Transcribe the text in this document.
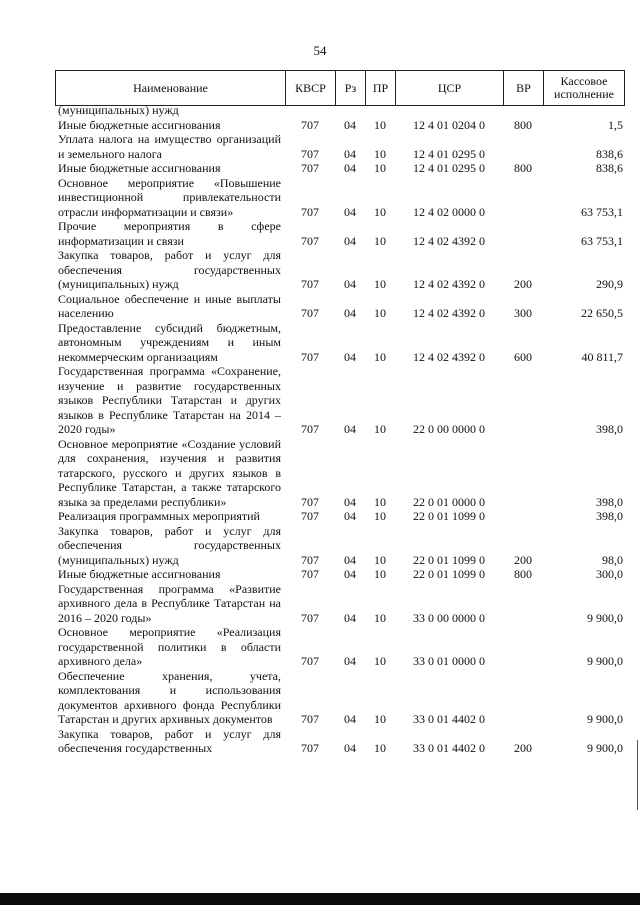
54
Наименование	КВСР	Рз	ПР	ЦСР	ВР	Кассовое исполнение
(муниципальных) нужд						
Иные бюджетные ассигнования	707	04	10	12 4 01 0204 0	800	1,5
Уплата налога на имущество организаций и земельного налога	707	04	10	12 4 01 0295 0		838,6
Иные бюджетные ассигнования	707	04	10	12 4 01 0295 0	800	838,6
Основное мероприятие «Повышение инвестиционной привлекательности отрасли информатизации и связи»	707	04	10	12 4 02 0000 0		63 753,1
Прочие мероприятия в сфере информатизации и связи	707	04	10	12 4 02 4392 0		63 753,1
Закупка товаров, работ и услуг для обеспечения государственных (муниципальных) нужд	707	04	10	12 4 02 4392 0	200	290,9
Социальное обеспечение и иные выплаты населению	707	04	10	12 4 02 4392 0	300	22 650,5
Предоставление субсидий бюджетным, автономным учреждениям и иным некоммерческим организациям	707	04	10	12 4 02 4392 0	600	40 811,7
Государственная программа «Сохранение, изучение и развитие государственных языков Республики Татарстан и других языков в Республике Татарстан на 2014 – 2020 годы»	707	04	10	22 0 00 0000 0		398,0
Основное мероприятие «Создание условий для сохранения, изучения и развития татарского, русского и других языков в Республике Татарстан, а также татарского языка за пределами республики»	707	04	10	22 0 01 0000 0		398,0
Реализация программных мероприятий	707	04	10	22 0 01 1099 0		398,0
Закупка товаров, работ и услуг для обеспечения государственных (муниципальных) нужд	707	04	10	22 0 01 1099 0	200	98,0
Иные бюджетные ассигнования	707	04	10	22 0 01 1099 0	800	300,0
Государственная программа «Развитие архивного дела в Республике Татарстан на 2016 – 2020 годы»	707	04	10	33 0 00 0000 0		9 900,0
Основное мероприятие «Реализация государственной политики в области архивного дела»	707	04	10	33 0 01 0000 0		9 900,0
Обеспечение хранения, учета, комплектования и использования документов архивного фонда Республики Татарстан и других архивных документов	707	04	10	33 0 01 4402 0		9 900,0
Закупка товаров, работ и услуг для обеспечения государственных	707	04	10	33 0 01 4402 0	200	9 900,0
